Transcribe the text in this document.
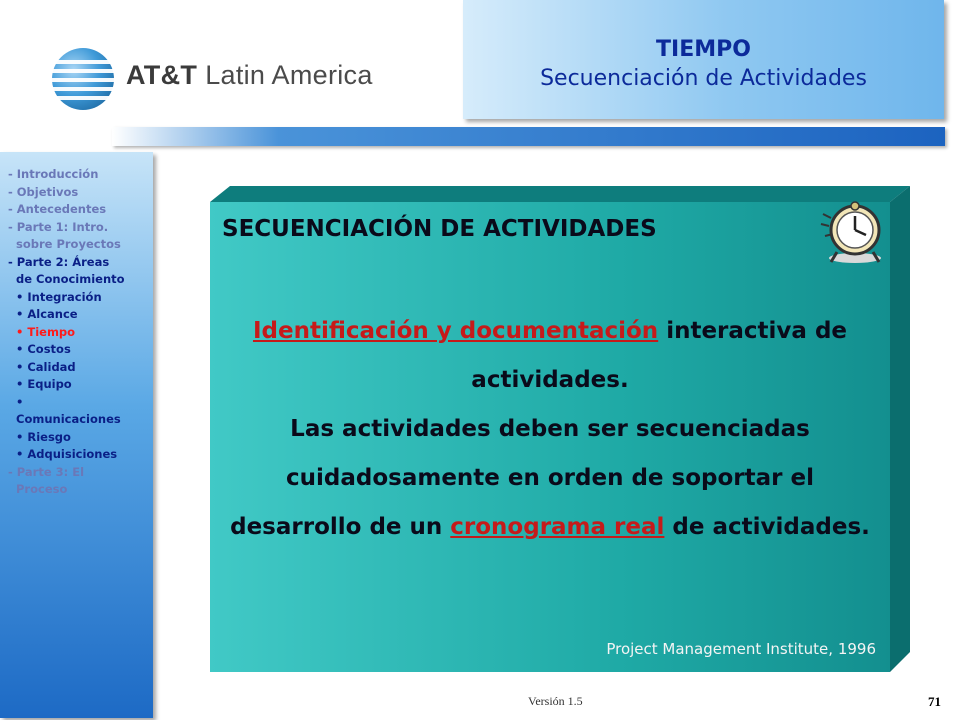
AT&T Latin America
TIEMPO
Secuenciación de Actividades
- Introducción
- Objetivos
- Antecedentes
- Parte 1: Intro.
sobre Proyectos
- Parte 2: Áreas
de Conocimiento
• Integración
• Alcance
• Tiempo
• Costos
• Calidad
• Equipo
•
Comunicaciones
• Riesgo
• Adquisiciones
- Parte 3: El
Proceso
SECUENCIACIÓN DE ACTIVIDADES
Identificación y documentación interactiva de actividades.
Las actividades deben ser secuenciadas cuidadosamente en orden de soportar el desarrollo de un cronograma real de actividades.
Project Management Institute, 1996
Versión 1.5	71
